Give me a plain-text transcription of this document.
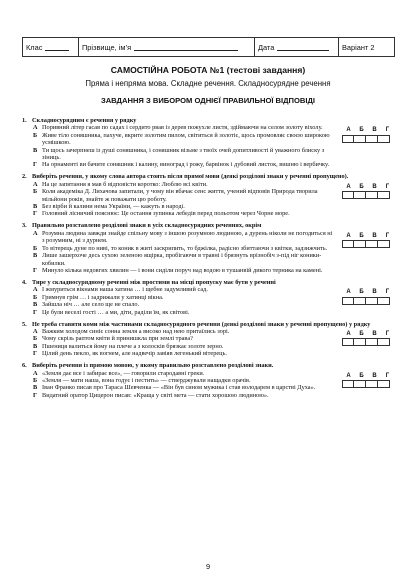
Клас	Прізвище, ім’я	Дата	Варіант 2
САМОСТІЙНА РОБОТА №1 (тестові завдання)
Пряма і непряма мова. Складне речення. Складносурядне речення
ЗАВДАННЯ З ВИБОРОМ ОДНІЄЇ ПРАВИЛЬНОЇ ВІДПОВІДІ
1. Складносурядним є речення у рядку
А Поривний літер гасав по садах і сердито рвав із дерев пожухле листя, здіймаючи на селом золоту віхолу.
Б Живе тіло соняшника, пахуче, вкрите золотим пилом, світиться й золотіє, щось промовляє своєю широкою усмішкою.
В Ти щось зачерпнеш із душі соняшника, і соняшник візьме з твоїх очей допитливості й уважного блиску з зіниць.
Г На орнаменті ви бачите соняшник і калину, виноград і рожу, барвінок і дубовий листок, вишню і вербичку.
А	Б	В	Г
2. Виберіть речення, у якому слова автора стоять після прямої мови (деякі розділові знаки у реченні пропущено).
А На це запитання я мав б відповісти коротко: Люблю всі квіти.
Б Коли академіка Д. Лихачова запитали, у чому він вбачає сенс життя, учений відповів Природа творила мільйони років, знайте ж поважати цю роботу.
В Без вірби й калини нема України, — кажуть в народі.
Г Головний лісничий пояснює: Це остання зупинка лебедів перед польотом через Чорне море.
А	Б	В	Г
3. Правильно розставлено розділові знаки в усіх складносурядних реченнях, окрім
А Розумна людина завжди знайде спільну мову з іншою розумною людиною, а дурень ніколи не погодиться ні з розумним, ні з дурнем.
Б То вітерець дуне по ниві, то коник в житі заскрипить, то бджілка, радісно збиттаючи з квітки, задзижчить.
В Лише зашерхоче десь сухою зеленою ящірка, пробігаючи в травні і брязнуть врізнобіч з-під ніг коники-кобилки.
Г Минуло кілька недовгих хвилин — і вони сиділи поруч над водою в тушанвій дикого терника на камені.
А	Б	В	Г
4. Тире у складносурядному реченні між простими на місці пропуску має бути у реченні
А І жмуриться вікнами наша хатина … і щебне задумливий сад.
Б Гримнув грім … і задрижали у хатинці вікна.
В Зайшла ніч … але село ще не спало.
Г Це були веселі гості … а ми, діти, раділи їм, як світові.
А	Б	В	Г
5. Не треба ставити коми між частинами складносурядного речення (деякі розділові знаки у реченні пропущено) у рядку
А Важким холодом синіє сонна земля а високо над нею притаїлись зорі.
Б Чому скрізь раптом квіти й принишкла при землі трава?
В Пшениця валиться йому на плече а з колосків брязкає золоте зерно.
Г Цілий день пекло, як вогнем, але надвечір завіяв легенький вітерець.
А	Б	В	Г
6. Виберіть речення із прямою мовою, у якому правильно розставлено розділові знаки.
А «Земля дає все і забирає все», — говорили стародавні греки.
Б «Земля — мати наша, вона годує і пестить» — стверджували нащадки орачів.
В Іван Франко писав про Тараса Шевченка — «Він був сином мужика і став володарем в царстві Духа».
Г Видатний оратор Цицерон писав: «Краща у світі мета — стати хорошою людиною».
А	Б	В	Г
9
